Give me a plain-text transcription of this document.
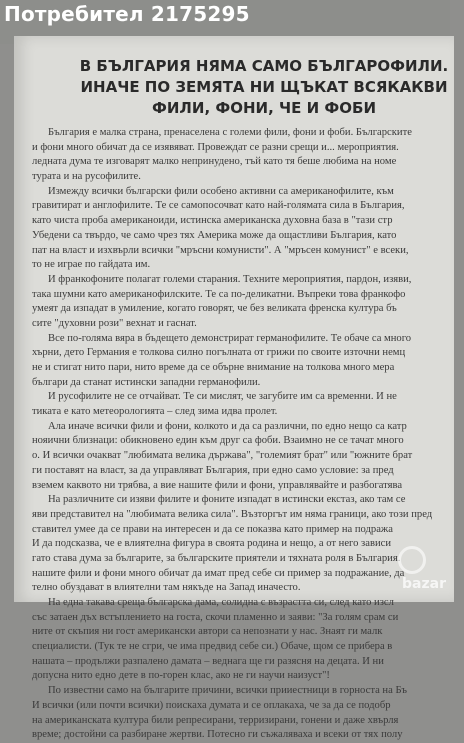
Потребител 2175295
В БЪЛГАРИЯ НЯМА САМО БЪЛГАРОФИЛИ.
ИНАЧЕ ПО ЗЕМЯТА НИ ЩЪКАТ ВСЯКАКВИ
ФИЛИ, ФОНИ, ЧЕ И ФОБИ
България е малка страна, пренаселена с големи фили, фони и фоби. Българските
и фони много обичат да се изявяват. Провеждат се разни срещи и... мероприятия.
ледната дума те изговарят малко непринудено, тъй като тя беше любима на номе
турата и на русофилите.
Измежду всички български фили особено активни са американофилите, към
гравитират и англофилите. Те се самопосочват като най-голямата сила в България,
като чиста проба американоиди, истинска американска духовна база в "тази стр
Убедени са твърдо, че само чрез тях Америка може да ощастливи България, като
пат на власт и изхвърли всички "мръсни комунисти". А "мръсен комунист" е всеки,
то не играе по гайдата им.
И франкофоните полагат големи старания. Техните мероприятия, пардон, изяви,
така шумни като американофилските. Те са по-деликатни. Въпреки това франкофо
умеят да изпадат в умиление, когато говорят, че без великата френска култура бъ
сите "духовни рози" вехнат и гаснат.
Все по-голяма вяра в бъдещето демонстрират германофилите. Те обаче са много
хърни, дето Германия е толкова силно погълната от грижи по своите източни немц
не и стигат нито пари, нито време да се обърне внимание на толкова много мера
българи да станат истински западни германофили.
И русофилите не се отчайват. Те си мислят, че загубите им са временни. И не
тиката е като метеорологията – след зима идва пролет.
Ала иначе всички фили и фони, колкото и да са различни, по едно нещо са катр
нояични близнаци: обикновено един към друг са фоби. Взаимно не се тачат много
о. И всички очакват "любимата велика държава", "големият брат" или "южните брат
ги поставят на власт, за да управляват България, при едно само условие: за пред
вземем каквото ни трябва, а вие нашите фили и фони, управлявайте и разбогатява
На различните си изяви филите и фоните изпадат в истински екстаз, ако там се
яви представител на "любимата велика сила". Възторгът им няма граници, ако този пред
ставител умее да се прави на интересен и да се показва като пример на подража
И да подсказва, че е влиятелна фигура в своята родина и нещо, а от него зависи
гато става дума за българите, за българските приятели и тяхната роля в България.
нашите фили и фони много обичат да имат пред себе си пример за подражание, да
телно обуздават в влиятелни там някъде на Запад иначесто.
На една такава среща българска дама, солидна с възрастта си, след като изсл
със затаен дъх встъплението на госта, скочи пламенно и заяви: "За голям срам си
ните от скъпия ни гост американски автори са непознати у нас. Знаят ги малк
специалисти. (Тук те не сгри, че има предвид себе си.) Обаче, щом се прибера в
нашата – продължи разпалено дамата – веднага ще ги разясня на децата. И ни
допусна нито едно дете в по-горен клас, ако не ги научи наизуст"!
По известни само на българите причини, всички прииестници в горноста на Бъ
И всички (или почти всички) поискаха думата и се оплакаха, че за да се подобр
на американската култура били репресирани, терризирани, гонени и даже хвърля
време; достойни са разбиране жертви. Потесно ги съжаляваха и всеки от тях полу
bazar
